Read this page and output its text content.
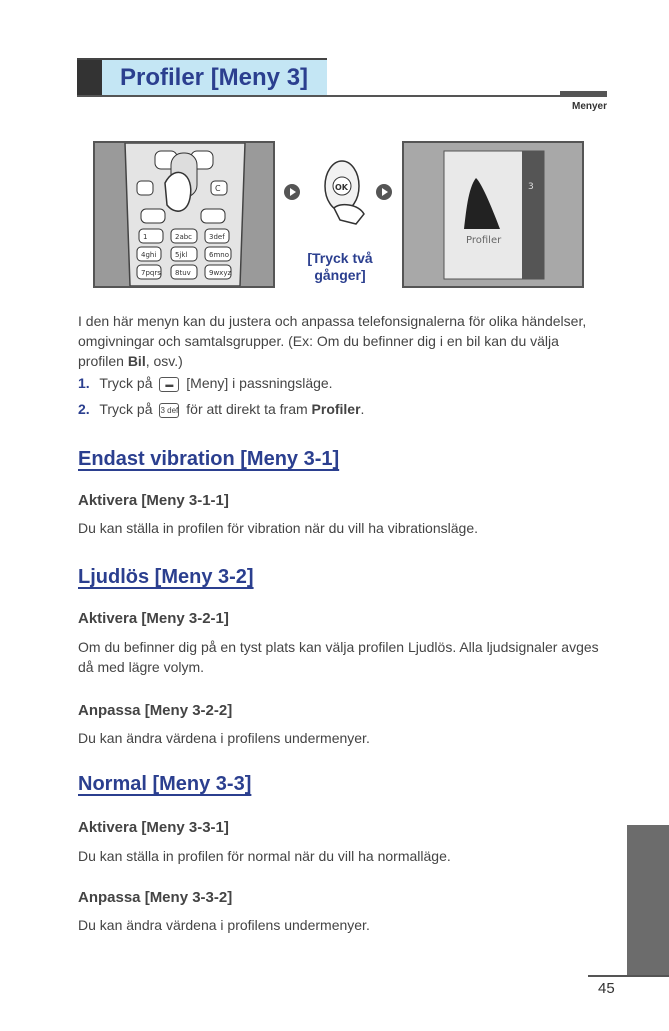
Profiler [Meny 3]
Menyer
C
1	2abc 3def
4ghi	5jkl	6mno
7pqrs 8tuv	9wxyz
OK
[Tryck två
gånger]
3
Profiler
I den här menyn kan du justera och anpassa telefonsignalerna för olika händelser, omgivningar och samtalsgrupper. (Ex: Om du befinner dig i en bil kan du välja profilen Bil, osv.)
1. Tryck på ▬ [Meny] i passningsläge.
2. Tryck på 3 def för att direkt ta fram Profiler.
Endast vibration [Meny 3-1]
Aktivera [Meny 3-1-1]
Du kan ställa in profilen för vibration när du vill ha vibrationsläge.
Ljudlös [Meny 3-2]
Aktivera [Meny 3-2-1]
Om du befinner dig på en tyst plats kan välja profilen Ljudlös. Alla ljudsignaler avges då med lägre volym.
Anpassa [Meny 3-2-2]
Du kan ändra värdena i profilens undermenyer.
Normal [Meny 3-3]
Aktivera [Meny 3-3-1]
Du kan ställa in profilen för normal när du vill ha normalläge.
Anpassa [Meny 3-3-2]
Du kan ändra värdena i profilens undermenyer.
45
